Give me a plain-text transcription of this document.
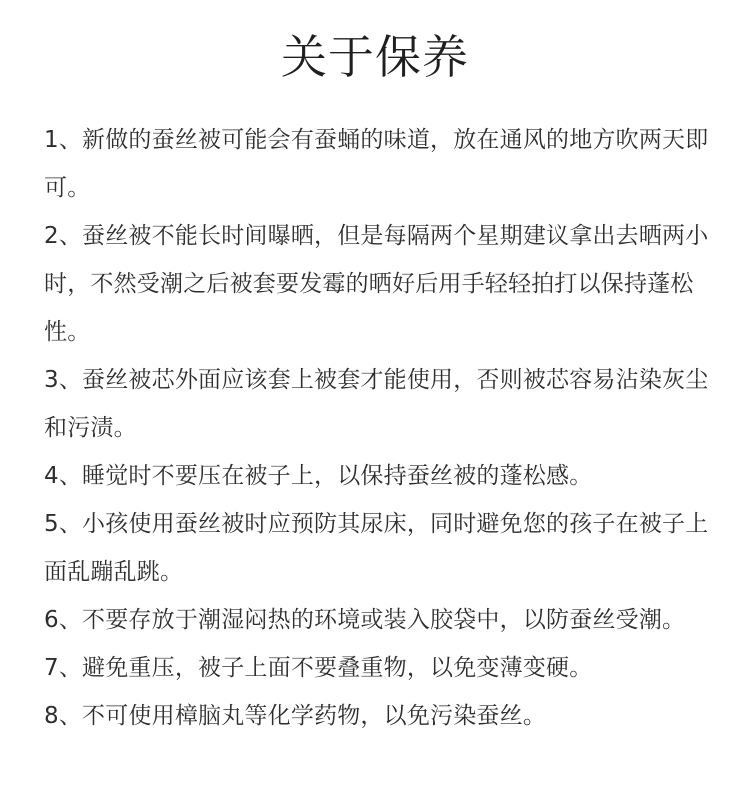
关于保养
1、新做的蚕丝被可能会有蚕蛹的味道，放在通风的地方吹两天即可。
2、蚕丝被不能长时间曝晒，但是每隔两个星期建议拿出去晒两小时，不然受潮之后被套要发霉的晒好后用手轻轻拍打以保持蓬松性。
3、蚕丝被芯外面应该套上被套才能使用，否则被芯容易沾染灰尘和污渍。
4、睡觉时不要压在被子上，以保持蚕丝被的蓬松感。
5、小孩使用蚕丝被时应预防其尿床，同时避免您的孩子在被子上面乱蹦乱跳。
6、不要存放于潮湿闷热的环境或装入胶袋中，以防蚕丝受潮。
7、避免重压，被子上面不要叠重物，以免变薄变硬。
8、不可使用樟脑丸等化学药物，以免污染蚕丝。
